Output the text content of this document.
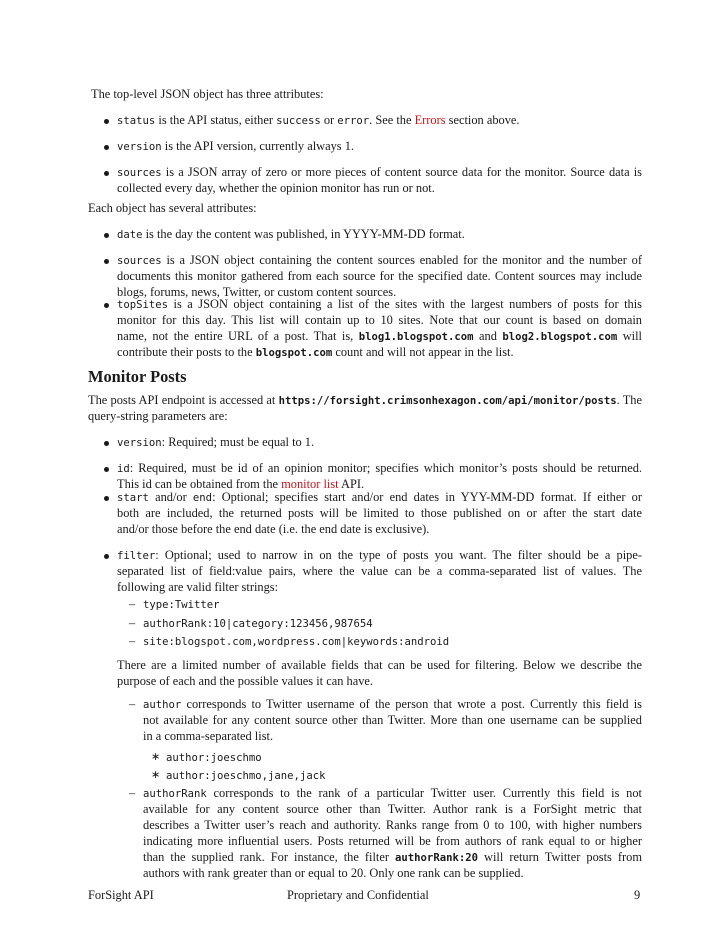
The top-level JSON object has three attributes:
status is the API status, either success or error. See the Errors section above.
version is the API version, currently always 1.
sources is a JSON array of zero or more pieces of content source data for the monitor. Source data is
collected every day, whether the opinion monitor has run or not.
Each object has several attributes:
date is the day the content was published, in YYYY-MM-DD format.
sources is a JSON object containing the content sources enabled for the monitor and the number of
documents this monitor gathered from each source for the specified date. Content sources may include
blogs, forums, news, Twitter, or custom content sources.
topSites is a JSON object containing a list of the sites with the largest numbers of posts for this
monitor for this day. This list will contain up to 10 sites. Note that our count is based on domain
name, not the entire URL of a post. That is, blog1.blogspot.com and blog2.blogspot.com will
contribute their posts to the blogspot.com count and will not appear in the list.
Monitor Posts
The posts API endpoint is accessed at https://forsight.crimsonhexagon.com/api/monitor/posts. The
query-string parameters are:
version: Required; must be equal to 1.
id: Required, must be id of an opinion monitor; specifies which monitor’s posts should be returned.
This id can be obtained from the monitor list API.
start and/or end: Optional; specifies start and/or end dates in YYY-MM-DD format. If either or
both are included, the returned posts will be limited to those published on or after the start date
and/or those before the end date (i.e. the end date is exclusive).
filter: Optional; used to narrow in on the type of posts you want. The filter should be a pipe-
separated list of field:value pairs, where the value can be a comma-separated list of values. The
following are valid filter strings:
– type:Twitter
– authorRank:10|category:123456,987654
– site:blogspot.com,wordpress.com|keywords:android
There are a limited number of available fields that can be used for filtering. Below we describe the
purpose of each and the possible values it can have.
– author corresponds to Twitter username of the person that wrote a post. Currently this field is
not available for any content source other than Twitter. More than one username can be supplied
in a comma-separated list.
∗ author:joeschmo
∗ author:joeschmo,jane,jack
– authorRank corresponds to the rank of a particular Twitter user. Currently this field is not
available for any content source other than Twitter. Author rank is a ForSight metric that
describes a Twitter user’s reach and authority. Ranks range from 0 to 100, with higher numbers
indicating more influential users. Posts returned will be from authors of rank equal to or higher
than the supplied rank. For instance, the filter authorRank:20 will return Twitter posts from
authors with rank greater than or equal to 20. Only one rank can be supplied.
ForSight API	Proprietary and Confidential	9
